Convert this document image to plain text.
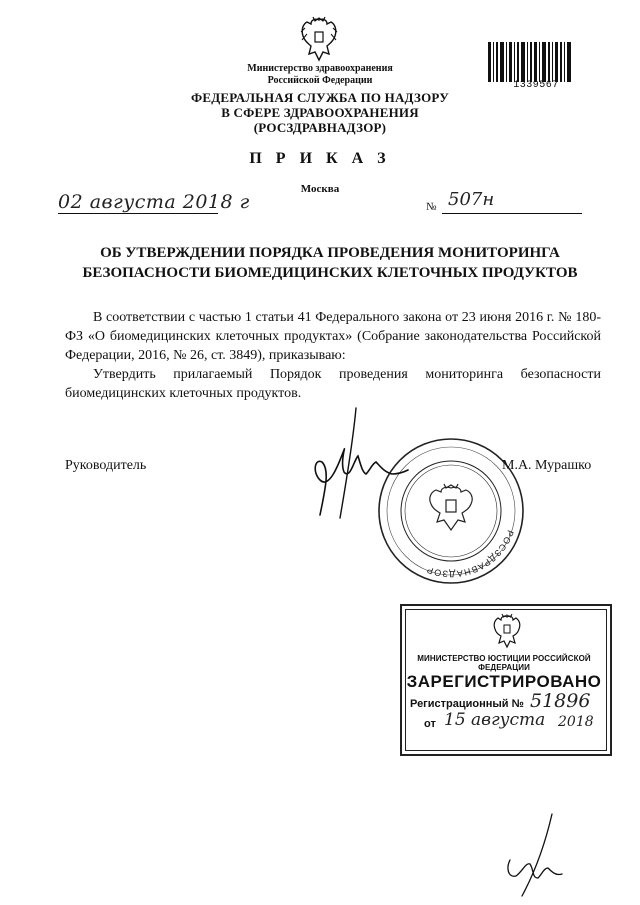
Министерство здравоохранения
Российской Федерации
ФЕДЕРАЛЬНАЯ СЛУЖБА ПО НАДЗОРУ
В СФЕРЕ ЗДРАВООХРАНЕНИЯ
(РОСЗДРАВНАДЗОР)
1339567
П Р И К А З
Москва
02 августа 2018 г	№ 507н
ОБ УТВЕРЖДЕНИИ ПОРЯДКА ПРОВЕДЕНИЯ МОНИТОРИНГА
БЕЗОПАСНОСТИ БИОМЕДИЦИНСКИХ КЛЕТОЧНЫХ ПРОДУКТОВ

В соответствии с частью 1 статьи 41 Федерального закона от 23 июня 2016 г. № 180-ФЗ «О биомедицинских клеточных продуктах» (Собрание законодательства Российской Федерации, 2016, № 26, ст. 3849), приказываю:

Утвердить прилагаемый Порядок проведения мониторинга безопасности биомедицинских клеточных продуктов.

Руководитель
РОСЗДРАВНАДЗОР
М.А. Мурашко
МИНИСТЕРСТВО ЮСТИЦИИ РОССИЙСКОЙ ФЕДЕРАЦИИ
ЗАРЕГИСТРИРОВАНО
Регистрационный № 51896
от 15 августа 2018
